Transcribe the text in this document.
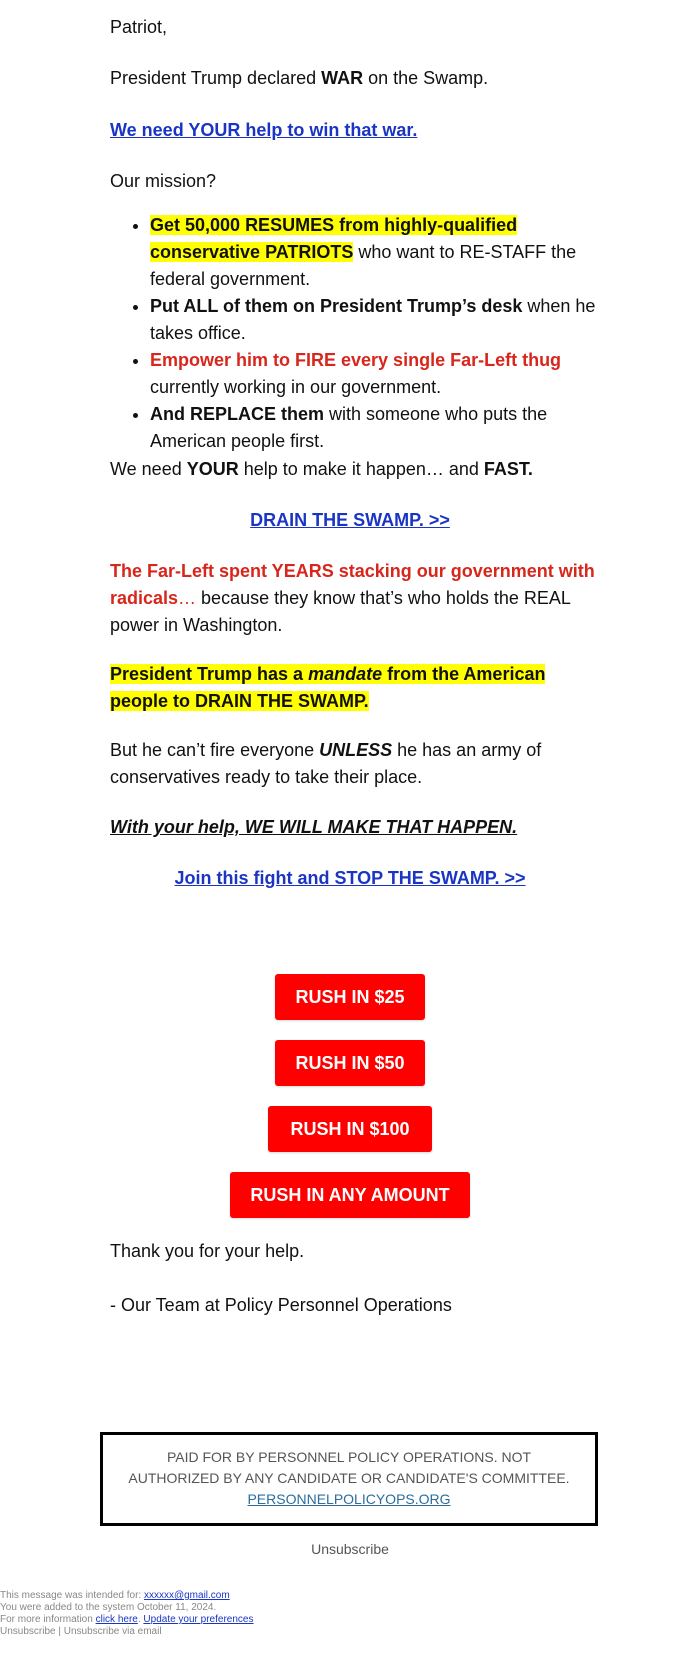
Patriot,

President Trump declared WAR on the Swamp.

We need YOUR help to win that war.

Our mission?

• Get 50,000 RESUMES from highly-qualified conservative PATRIOTS who want to RE-STAFF the federal government.
• Put ALL of them on President Trump’s desk when he takes office.
• Empower him to FIRE every single Far-Left thug currently working in our government.
• And REPLACE them with someone who puts the American people first.

We need YOUR help to make it happen… and FAST.

DRAIN THE SWAMP. >>

The Far-Left spent YEARS stacking our government with radicals… because they know that’s who holds the REAL power in Washington.

President Trump has a mandate from the American people to DRAIN THE SWAMP.

But he can’t fire everyone UNLESS he has an army of conservatives ready to take their place.

With your help, WE WILL MAKE THAT HAPPEN.

Join this fight and STOP THE SWAMP. >>
RUSH IN $25
RUSH IN $50
RUSH IN $100
RUSH IN ANY AMOUNT

Thank you for your help.

- Our Team at Policy Personnel Operations

PAID FOR BY PERSONNEL POLICY OPERATIONS. NOT AUTHORIZED BY ANY CANDIDATE OR CANDIDATE'S COMMITTEE.
PERSONNELPOLICYOPS.ORG
Unsubscribe
This message was intended for: xxxxxx@gmail.com
You were added to the system October 11, 2024.
For more information click here. Update your preferences
Unsubscribe | Unsubscribe via email
